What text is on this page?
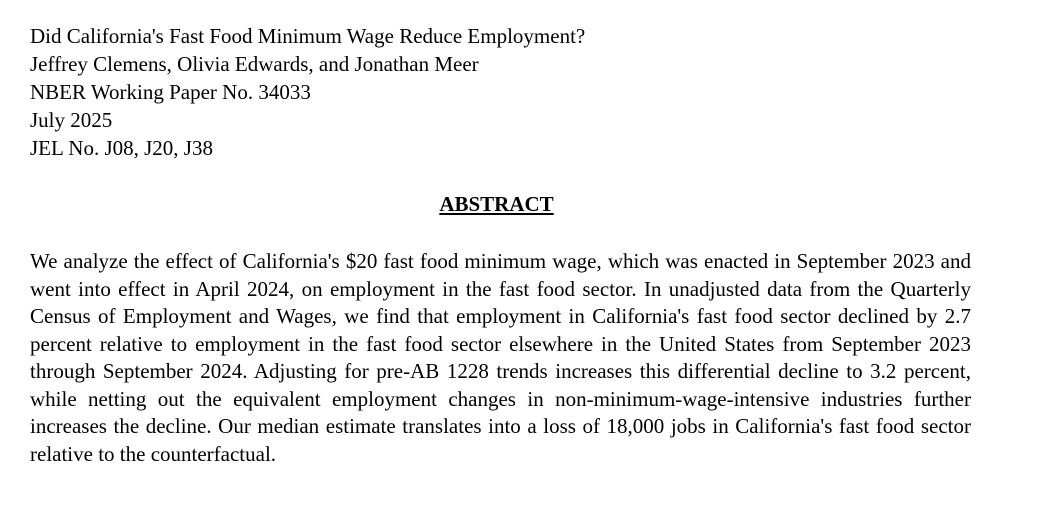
Did California's Fast Food Minimum Wage Reduce Employment?
Jeffrey Clemens, Olivia Edwards, and Jonathan Meer
NBER Working Paper No. 34033
July 2025
JEL No. J08, J20, J38
ABSTRACT
We analyze the effect of California's $20 fast food minimum wage, which was enacted in September 2023 and went into effect in April 2024, on employment in the fast food sector. In unadjusted data from the Quarterly Census of Employment and Wages, we find that employment in California's fast food sector declined by 2.7 percent relative to employment in the fast food sector elsewhere in the United States from September 2023 through September 2024. Adjusting for pre-AB 1228 trends increases this differential decline to 3.2 percent, while netting out the equivalent employment changes in non-minimum-wage-intensive industries further increases the decline. Our median estimate translates into a loss of 18,000 jobs in California's fast food sector relative to the counterfactual.
